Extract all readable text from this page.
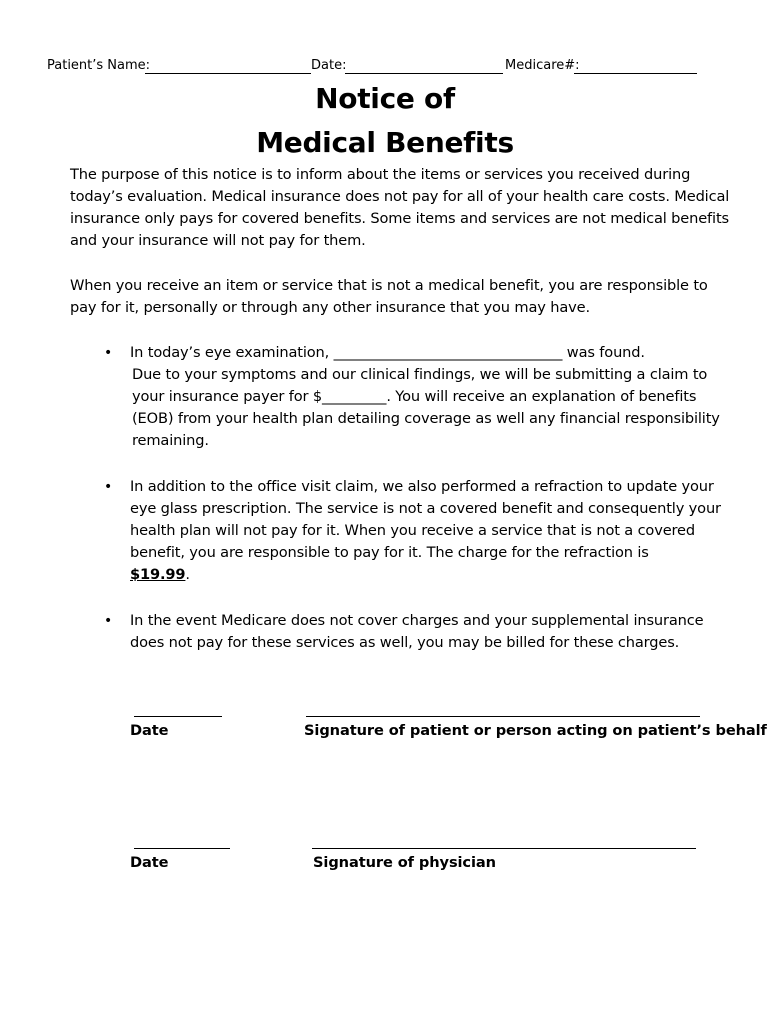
Patient’s Name:	Date:	Medicare#:
Notice of
Medical Benefits
The purpose of this notice is to inform about the items or services you received during today’s evaluation. Medical insurance does not pay for all of your health care costs. Medical insurance only pays for covered benefits. Some items and services are not medical benefits and your insurance will not pay for them.
When you receive an item or service that is not a medical benefit, you are responsible to pay for it, personally or through any other insurance that you may have.
• In today’s eye examination, ________________________________ was found.
Due to your symptoms and our clinical findings, we will be submitting a claim to your insurance payer for $_________. You will receive an explanation of benefits (EOB) from your health plan detailing coverage as well any financial responsibility remaining.
• In addition to the office visit claim, we also performed a refraction to update your eye glass prescription. The service is not a covered benefit and consequently your health plan will not pay for it. When you receive a service that is not a covered benefit, you are responsible to pay for it. The charge for the refraction is
$19.99.
• In the event Medicare does not cover charges and your supplemental insurance does not pay for these services as well, you may be billed for these charges.
Date	Signature of patient or person acting on patient’s behalf
Date	Signature of physician
